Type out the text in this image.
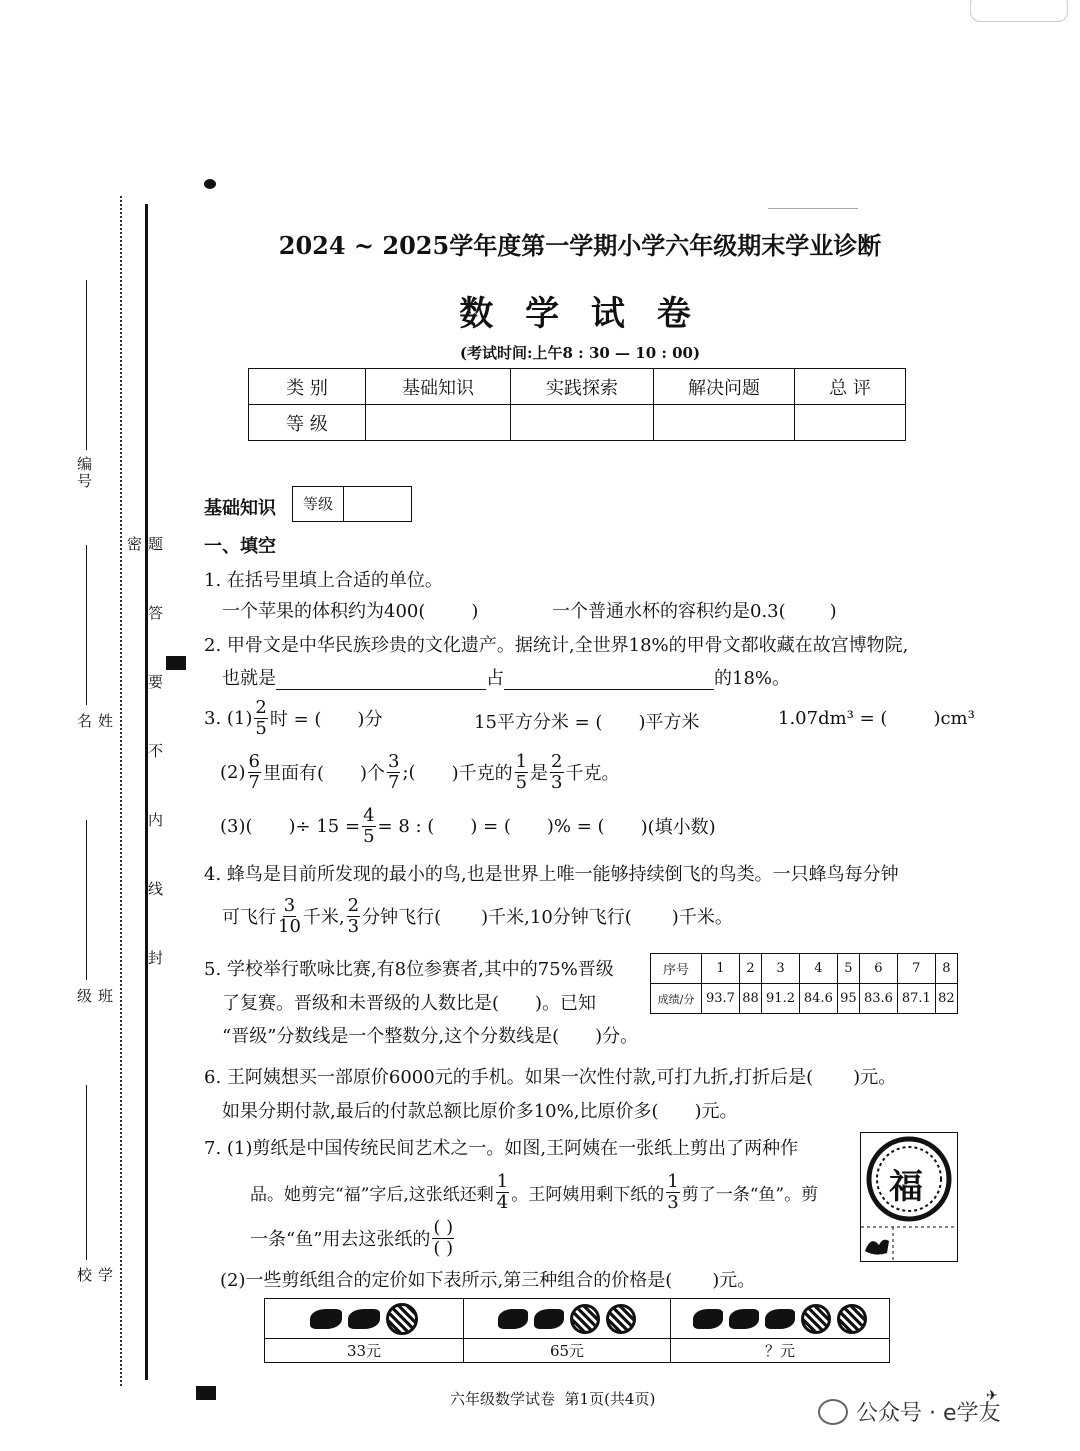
题答要不内线封密
编号
姓名
班级
学校
2024 ~ 2025学年度第一学期小学六年级期末学业诊断
数 学 试 卷
(考试时间:上午8 : 30 — 10 : 00)
类 别	基础知识	实践探索	解决问题	总 评
等 级				
基础知识	等级
一、填空
1. 在括号里填上合适的单位。
一个苹果的体积约为400(	)	一个普通水杯的容积约是0.3( )
2. 甲骨文是中华民族珍贵的文化遗产。据统计,全世界18%的甲骨文都收藏在故宫博物院,
也就是	占	的18%。
3. $(1) \frac{2}{5}$ 时 = ( )分	15平方分米 = ( )平方米	1.07dm³ = (	)cm³
$(2) \frac{6}{7}$ 里面有( )个 $\frac{3}{7}$ ;( )千克的 $\frac{1}{5}$ 是 $\frac{2}{3}$ 千克。
(3)( )÷ $15 = \frac{4}{5} = 8$ : ( ) = ( )% = ( )(填小数)
4. 蜂鸟是目前所发现的最小的鸟,也是世界上唯一能够持续倒飞的鸟类。一只蜂鸟每分钟
可飞行 $\frac{3}{10}$ 千米, $\frac{2}{3}$ 分钟飞行( )千米,10分钟飞行( )千米。
5. 学校举行歌咏比赛,有8位参赛者,其中的75%晋级
了复赛。晋级和未晋级的人数比是( )。已知
“晋级”分数线是一个整数分,这个分数线是( )分。
序号	1	2	3	4	5	6	7	8
成绩/分	93.7	88	91.2	84.6	95	83.6	87.1	82
6. 王阿姨想买一部原价6000元的手机。如果一次性付款,可打九折,打折后是( )元。
如果分期付款,最后的付款总额比原价多10%,比原价多( )元。
7. (1)剪纸是中国传统民间艺术之一。如图,王阿姨在一张纸上剪出了两种作
品。她剪完“福”字后,这张纸还剩 $\frac{1}{4}$ 。王阿姨用剩下纸的 $\frac{1}{3}$ 剪了一条“鱼”。剪
一条“鱼”用去这张纸的 $\frac{( )}{( )}$
(2)一些剪纸组合的定价如下表所示,第三种组合的价格是( )元。
福

33元	65元	？元
六年级数学试卷  第1页(共4页)	✈
公众号 · e学友
